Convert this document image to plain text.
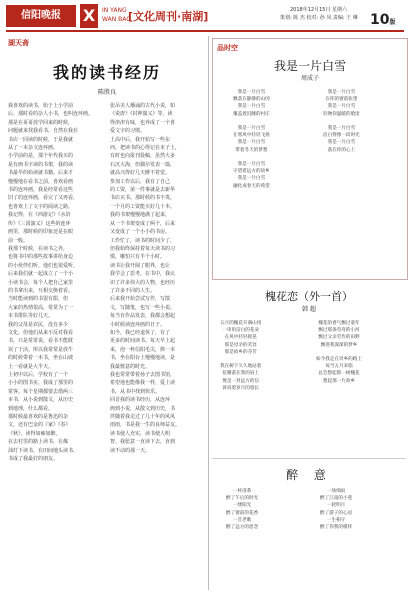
信阳晚报	X	IN YANG
WAN BAO
[文化周刊·南湖]	2018年12月15日 星期六
策划: 陈 杰 校对: 孙 凤 责编: 王 琳 10版
湖天斋
我的读书经历
陈胜良
我喜欢的读书，始于上小学前
后，那时看的杂人小书，也叫连环画。
那是在哥哥放学回来的时候，
问题就来找我看书，自然在我在
书店一同读的时候，于是我就
从了一本杂文连环画。
小学前的是，那个年代我买的
是有画书字读的书架，我的读
书最早的始读就书籍。后来才
慢慢地在看书之前，喜欢看画
书的连环画，我是经常看这些
旧了的连环画，看完了又再看，
也喜欢上了文字的阅读之路。
我记得，在《西游记》《水浒
传》《三国演义》这些的连环
画里，那时候的印象还是在眼
前一般。
我那个时候，在读书之外，
也将书中的那些故事讲给身边
的小伙伴们听，他们也很爱听，
后来我们就一起成立了一个小
小读书会，每个人把自己家里
的书拿出来，互相交换着看。
当时能读到的书很有限，但
大家的热情很高，常常为了一
本书排队等好几天。
我的父母是农民，没有多少
文化，但他们从来不反对我看
书，只是常常说，看书不能耽
误了干活。所以我常常是放牛
的时候带着一本书，坐在山坡
上一看就是大半天。
上初中以后，学校有了一个
小小的图书室，我成了那里的
常客。每个星期都要去借两三
本书，从小说到散文，从历史
到地理，什么都看。
那时候最喜欢的是鲁迅的杂
文，还有巴金的《家》《春》
《秋》，读得如痴如醉。
在去村里的路上读书，在煤
油灯下读书，在田间地头读书，
书成了我最好的朋友。
张吊美人播诵的古代小说，如
《说唐》《封神演义》等，读
得津津有味，也养成了一个喜
爱文字的习惯。
上高中后，我开始写一些东
西，把读书的心得记在本子上，
有时也向报刊投稿，虽然大多
石沉大海，但偶尔发表一篇，
就高兴得好几天睡不着觉。
参加工作以后，我有了自己
的工资，第一件事就是去新华
书店买书。那时候的书不贵，
一个月的工资能买好几十本。
我的书架慢慢地满了起来，
从一个书架变成了两个，后来
又变成了一个小小的书房。
工作忙了，读书的时间少了，
但我始终保持着每天读书的习
惯，哪怕只有半个小时。
读书让我开阔了眼界，也让
我学会了思考。在书中，我认
识了许多伟大的人物，也经历
了许多不同的人生。
后来我开始尝试写作，写散
文，写随笔，也写一些小说。
每当有作品发表，我都会想起
小时候读连环画的日子。
如今，我已经退休了，有了
更多的时间读书。每天早上起
来，泡一杯信阳毛尖，捧一本
书，坐在阳台上慢慢地读，是
我最惬意的时光。
我也常常带着孙子去图书馆，
希望他也能像我一样，爱上读
书，从书中找到快乐。
回首我的读书经历，从连环
画到小说，从散文到历史，书
伴随着我走过了几十年的风风
雨雨，书是我一生的良师益友。
读书使人充实，读书使人明
智。我愿意一直读下去，直到
读不动的那一天。
品时空
我是一片白雪
周成子
我是一片白雪
飘落在静静的山冈
我是一片白雪
覆盖着沉睡的村庄

我是一片白雪
在寒风中轻轻飞扬
我是一片白雪
带着冬天的梦想

我是一片白雪
守望着远方的故乡
我是一片白雪
融化成春天的希望
我是一片白雪
在你的窗前张望
我是一片白雪
轻吻你温暖的脸庞

我是一片白雪
洁白得像一段时光
我是一片白雪
落在你的心上
槐花恋（外一首）
韩 超
五月的槐花开满山冈
一串串洁白的花朵
在风中轻轻摇晃
那是母亲的笑容
那是故乡的芬芳

我在树下久久地站着
花瓣落在我的肩上
像是一封远方的信
诉说着岁月的悠长
槐花的香气飘过童年
飘过那条弯弯的小河
飘过父亲劳作的田野
飘进我深深的梦乡

如今我走在异乡的路上
每当五月来临
总会想起那一树槐花
想起那一片故乡
醉 意
一杯清茶
醉了午后的时光
一缕阳光
醉了窗前的花香
一首老歌
醉了远方的思念
一场细雨
醉了江南的小巷
一轮明月
醉了游子的心房
一生相守
醉了你我的模样
